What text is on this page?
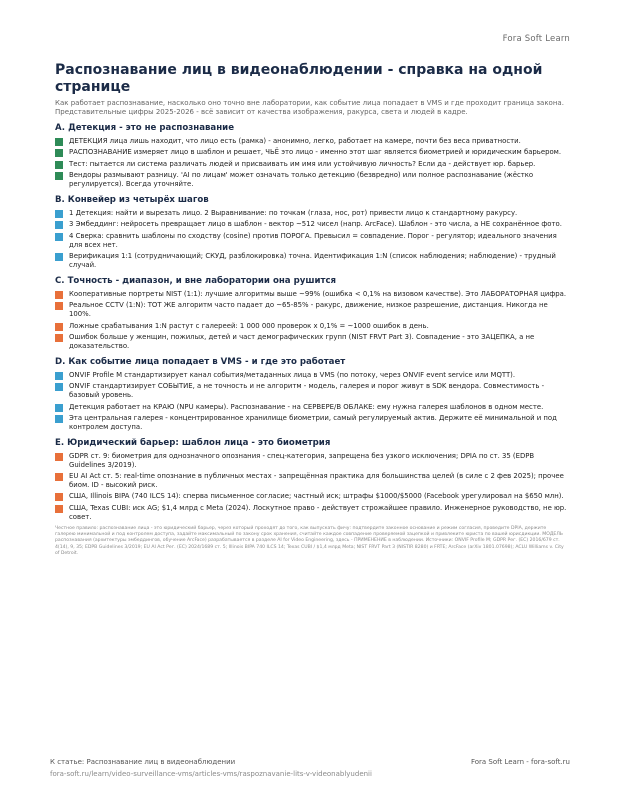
Fora Soft Learn
Распознавание лиц в видеонаблюдении - справка на одной странице

Как работает распознавание, насколько оно точно вне лаборатории, как событие лица попадает в VMS и где проходит граница закона. Представительные цифры 2025-2026 - всё зависит от качества изображения, ракурса, света и людей в кадре.

A. Детекция - это не распознавание
ДЕТЕКЦИЯ лица лишь находит, что лицо есть (рамка) - анонимно, легко, работает на камере, почти без веса приватности.
РАСПОЗНАВАНИЕ измеряет лицо в шаблон и решает, ЧЬЁ это лицо - именно этот шаг является биометрией и юридическим барьером.
Тест: пытается ли система различать людей и присваивать им имя или устойчивую личность? Если да - действует юр. барьер.
Вендоры размывают разницу. 'AI по лицам' может означать только детекцию (безвредно) или полное распознавание (жёстко регулируется). Всегда уточняйте.
B. Конвейер из четырёх шагов
1 Детекция: найти и вырезать лицо. 2 Выравнивание: по точкам (глаза, нос, рот) привести лицо к стандартному ракурсу.
3 Эмбеддинг: нейросеть превращает лицо в шаблон - вектор ~512 чисел (напр. ArcFace). Шаблон - это числа, а НЕ сохранённое фото.
4 Сверка: сравнить шаблоны по сходству (cosine) против ПОРОГА. Превысил = совпадение. Порог - регулятор; идеального значения для всех нет.
Верификация 1:1 (сотрудничающий; СКУД, разблокировка) точна. Идентификация 1:N (список наблюдения; наблюдение) - трудный случай.
C. Точность - диапазон, и вне лаборатории она рушится
Кооперативные портреты NIST (1:1): лучшие алгоритмы выше ~99% (ошибка < 0,1% на визовом качестве). Это ЛАБОРАТОРНАЯ цифра.
Реальное CCTV (1:N): ТОТ ЖЕ алгоритм часто падает до ~65-85% - ракурс, движение, низкое разрешение, дистанция. Никогда не 100%.
Ложные срабатывания 1:N растут с галереей: 1 000 000 проверок х 0,1% = ~1000 ошибок в день.
Ошибок больше у женщин, пожилых, детей и част демографических групп (NIST FRVT Part 3). Совпадение - это ЗАЦЕПКА, а не доказательство.
D. Как событие лица попадает в VMS - и где это работает
ONVIF Profile M стандартизирует канал события/метаданных лица в VMS (по потоку, через ONVIF event service или MQTT).
ONVIF стандартизирует СОБЫТИЕ, а не точность и не алгоритм - модель, галерея и порог живут в SDK вендора. Совместимость - базовый уровень.
Детекция работает на КРАЮ (NPU камеры). Распознавание - на СЕРВЕРЕ/В ОБЛАКЕ: ему нужна галерея шаблонов в одном месте.
Эта центральная галерея - концентрированное хранилище биометрии, самый регулируемый актив. Держите её минимальной и под контролем доступа.
E. Юридический барьер: шаблон лица - это биометрия
GDPR ст. 9: биометрия для однозначного опознания - спец-категория, запрещена без узкого исключения; DPIA по ст. 35 (EDPB Guidelines 3/2019).
EU AI Act ст. 5: real-time опознание в публичных местах - запрещённая практика для большинства целей (в силе с 2 фев 2025); прочее биом. ID - высокий риск.
США, Illinois BIPA (740 ILCS 14): сперва письменное согласие; частный иск; штрафы $1000/$5000 (Facebook урегулировал на $650 млн).
США, Texas CUBI: иск AG; $1,4 млрд с Meta (2024). Лоскутное право - действует строжайшее правило. Инженерное руководство, не юр. совет.

Честное правило: распознавание лица - это юридический барьер, через который проходят до того, как выпускать фичу: подтвердите законное основание и режим согласия, проведите DPIA, держите галерею минимальной и под контролем доступа, задайте максимальный по закону срок хранения, считайте каждое совпадение проверяемой зацепкой и привлеките юриста по вашей юрисдикции. МОДЕЛЬ распознавания (архитектуры эмбеддингов, обучение ArcFace) разрабатывается в разделе AI for Video Engineering, здесь - ПРИМЕНЕНИЕ в наблюдении. Источники: ONVIF Profile M; GDPR Рег. (ЕС) 2016/679 ст. 4(14), 9, 35; EDPB Guidelines 3/2019; EU AI Act Рег. (ЕС) 2024/1689 ст. 5; Illinois BIPA 740 ILCS 14; Texas CUBI / $1,4 млрд Meta; NIST FRVT Part 3 (NISTIR 8280) и FRTE; ArcFace (arXiv 1801.07698); ACLU Williams v. City of Detroit.

К статье: Распознавание лиц в видеонаблюдении	Fora Soft Learn - fora-soft.ru
fora-soft.ru/learn/video-surveillance-vms/articles-vms/raspoznavanie-lits-v-videonablyudenii
